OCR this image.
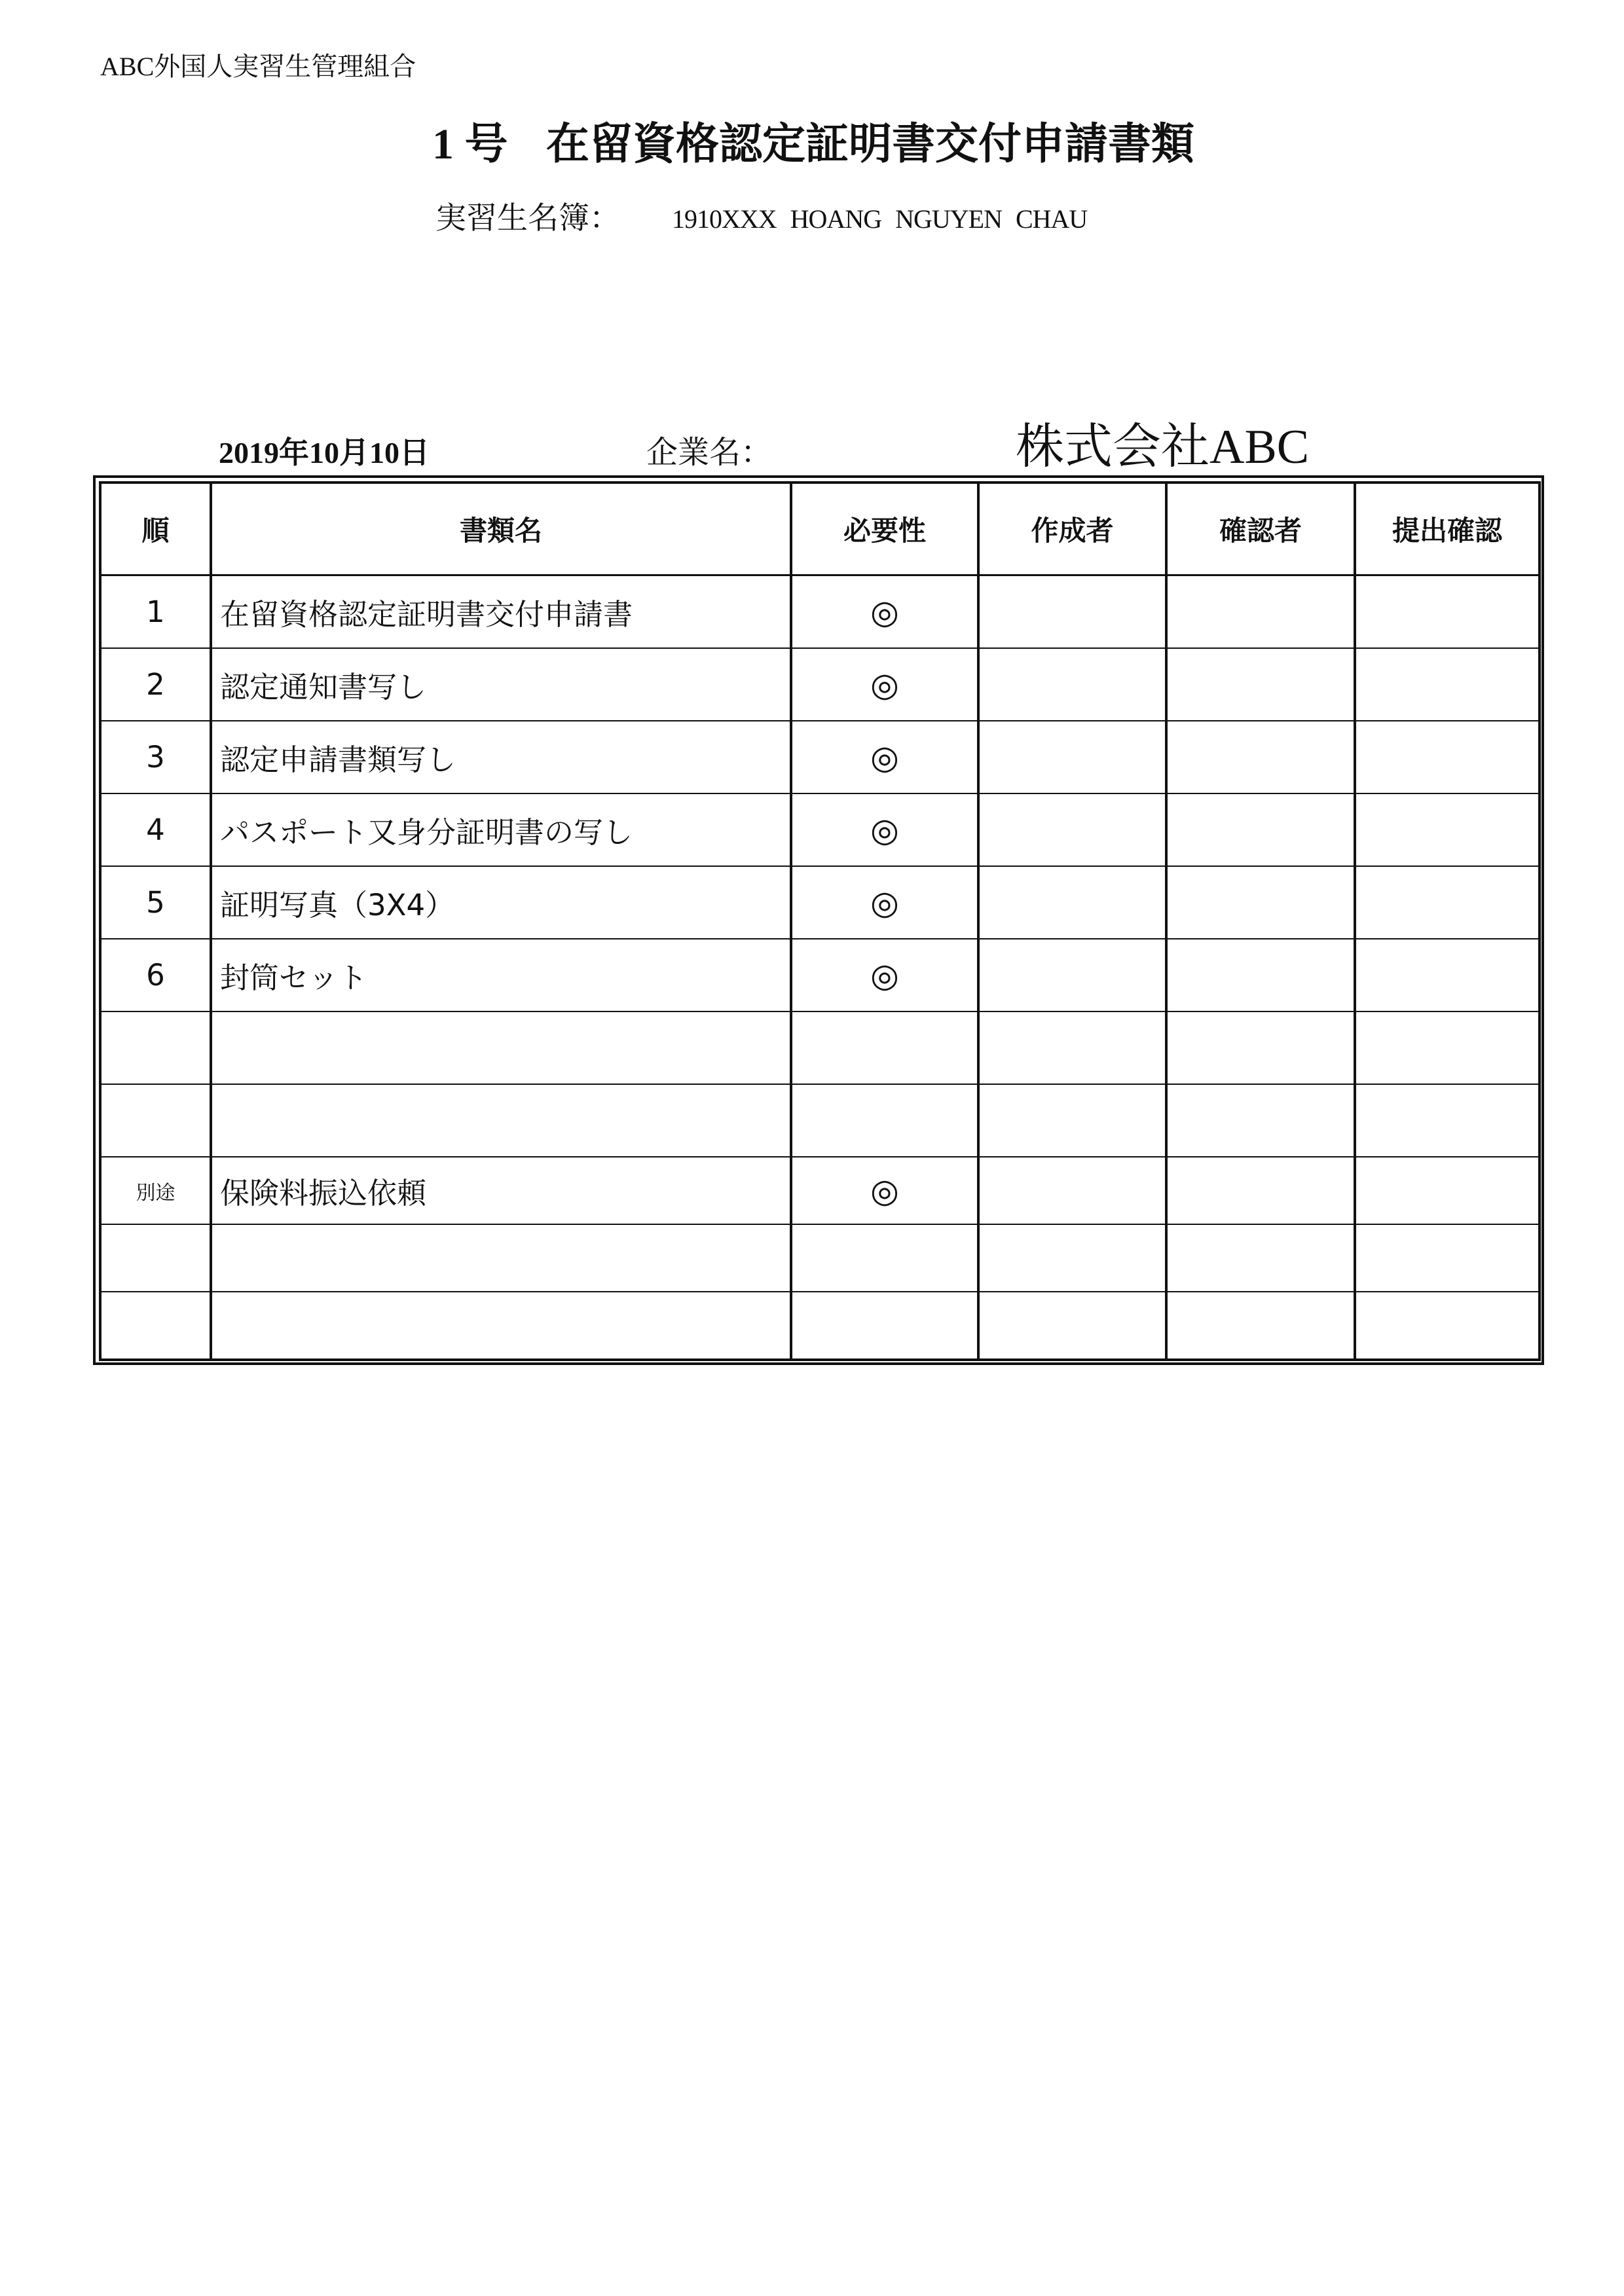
ABC外国人実習生管理組合
1 号 在留資格認定証明書交付申請書類
実習生名簿： 1910XXX HOANG NGUYEN CHAU
2019年10月10日	企業名：	株式会社ABC
順	書類名	必要性	作成者	確認者	提出確認
1	在留資格認定証明書交付申請書	◎			
2	認定通知書写し	◎			
3	認定申請書類写し	◎			
4	パスポート又身分証明書の写し	◎			
5	証明写真（3X4）	◎			
6	封筒セット	◎			

別途	保険料振込依頼	◎			
